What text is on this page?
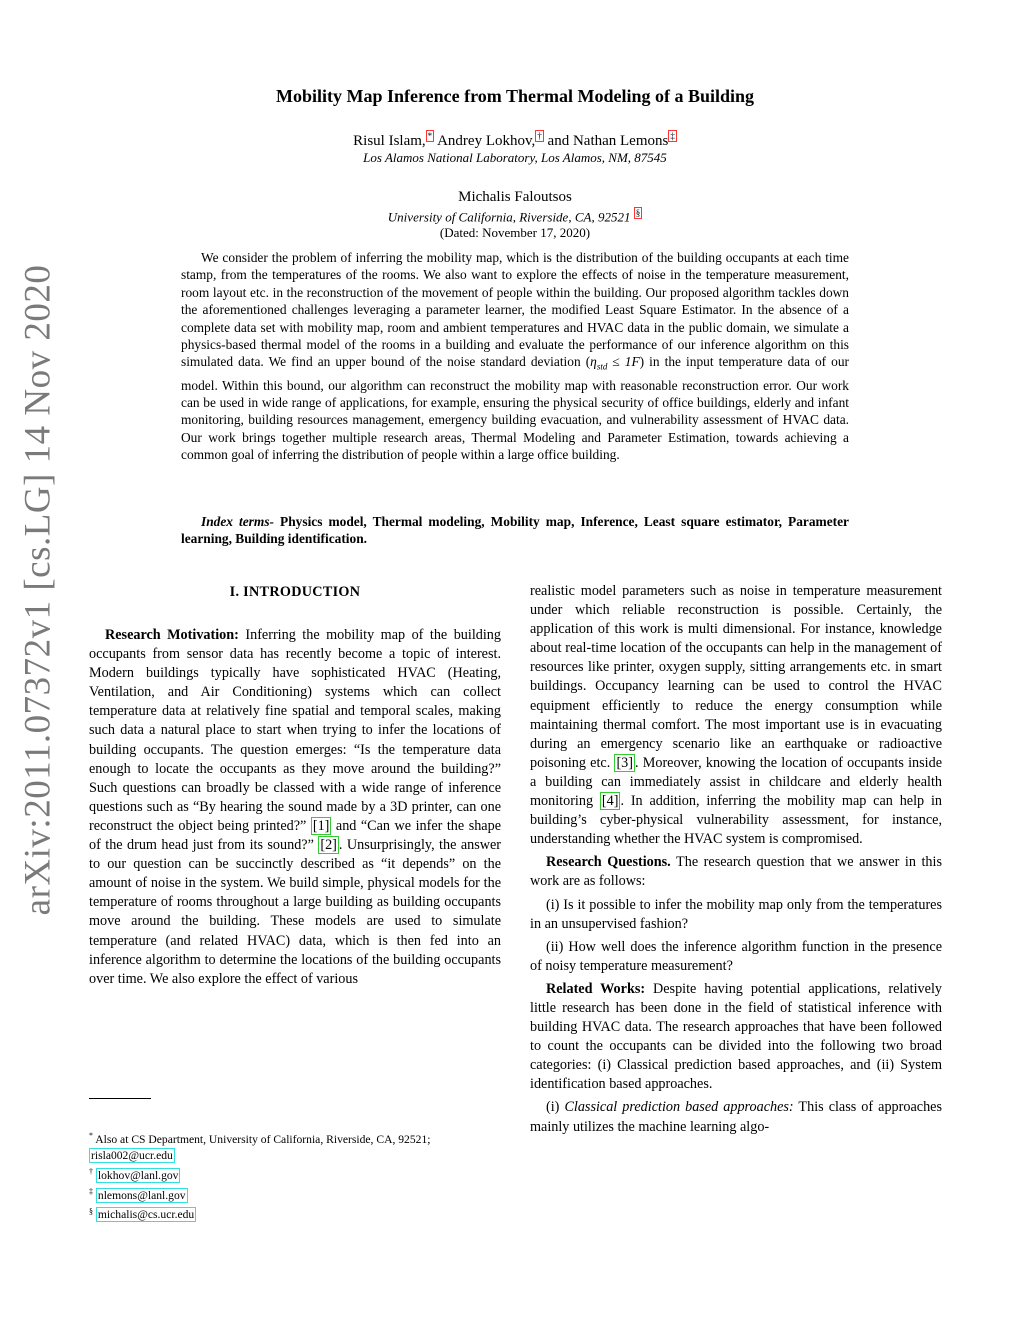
arXiv:2011.07372v1 [cs.LG] 14 Nov 2020
Mobility Map Inference from Thermal Modeling of a Building
Risul Islam, * Andrey Lokhov, † and Nathan Lemons ‡
Los Alamos National Laboratory, Los Alamos, NM, 87545
Michalis Faloutsos
University of California, Riverside, CA, 92521 §
(Dated: November 17, 2020)

We consider the problem of inferring the mobility map, which is the distribution of the building occupants at each time stamp, from the temperatures of the rooms. We also want to explore the effects of noise in the temperature measurement, room layout etc. in the reconstruction of the movement of people within the building. Our proposed algorithm tackles down the aforementioned challenges leveraging a parameter learner, the modified Least Square Estimator. In the absence of a complete data set with mobility map, room and ambient temperatures and HVAC data in the public domain, we simulate a physics-based thermal model of the rooms in a building and evaluate the performance of our inference algorithm on this simulated data. We find an upper bound of the noise standard deviation $(\eta_{std} \le 1F)$ in the input temperature data of our model. Within this bound, our algorithm can reconstruct the mobility map with reasonable reconstruction error. Our work can be used in wide range of applications, for example, ensuring the physical security of office buildings, elderly and infant monitoring, building resources management, emergency building evacuation, and vulnerability assessment of HVAC data. Our work brings together multiple research areas, Thermal Modeling and Parameter Estimation, towards achieving a common goal of inferring the distribution of people within a large office building.

Index terms- Physics model, Thermal modeling, Mobility map, Inference, Least square estimator, Parameter learning, Building identification.
I. INTRODUCTION

Research Motivation: Inferring the mobility map of the building occupants from sensor data has recently become a topic of interest. Modern buildings typically have sophisticated HVAC (Heating, Ventilation, and Air Conditioning) systems which can collect temperature data at relatively fine spatial and temporal scales, making such data a natural place to start when trying to infer the locations of building occupants. The question emerges: “Is the temperature data enough to locate the occupants as they move around the building?” Such questions can broadly be classed with a wide range of inference questions such as “By hearing the sound made by a 3D printer, can one reconstruct the object being printed?” [1] and “Can we infer the shape of the drum head just from its sound?” [2] . Unsurprisingly, the answer to our question can be succinctly described as “it depends” on the amount of noise in the system. We build simple, physical models for the temperature of rooms throughout a large building as building occupants move around the building. These models are used to simulate temperature (and related HVAC) data, which is then fed into an inference algorithm to determine the locations of the building occupants over time. We also explore the effect of various

* Also at CS Department, University of California, Riverside, CA, 92521; risla002@ucr.edu

† lokhov@lanl.gov

‡ nlemons@lanl.gov

§ michalis@cs.ucr.edu

realistic model parameters such as noise in temperature measurement under which reliable reconstruction is possible. Certainly, the application of this work is multi dimensional. For instance, knowledge about real-time location of the occupants can help in the management of resources like printer, oxygen supply, sitting arrangements etc. in smart buildings. Occupancy learning can be used to control the HVAC equipment efficiently to reduce the energy consumption while maintaining thermal comfort. The most important use is in evacuating during an emergency scenario like an earthquake or radioactive poisoning etc. [3] . Moreover, knowing the location of occupants inside a building can immediately assist in childcare and elderly health monitoring [4] . In addition, inferring the mobility map can help in building’s cyber-physical vulnerability assessment, for instance, understanding whether the HVAC system is compromised.

Research Questions. The research question that we answer in this work are as follows:

(i) Is it possible to infer the mobility map only from the temperatures in an unsupervised fashion?

(ii) How well does the inference algorithm function in the presence of noisy temperature measurement?

Related Works: Despite having potential applications, relatively little research has been done in the field of statistical inference with building HVAC data. The research approaches that have been followed to count the occupants can be divided into the following two broad categories: (i) Classical prediction based approaches, and (ii) System identification based approaches.

(i) Classical prediction based approaches: This class of approaches mainly utilizes the machine learning algo-
